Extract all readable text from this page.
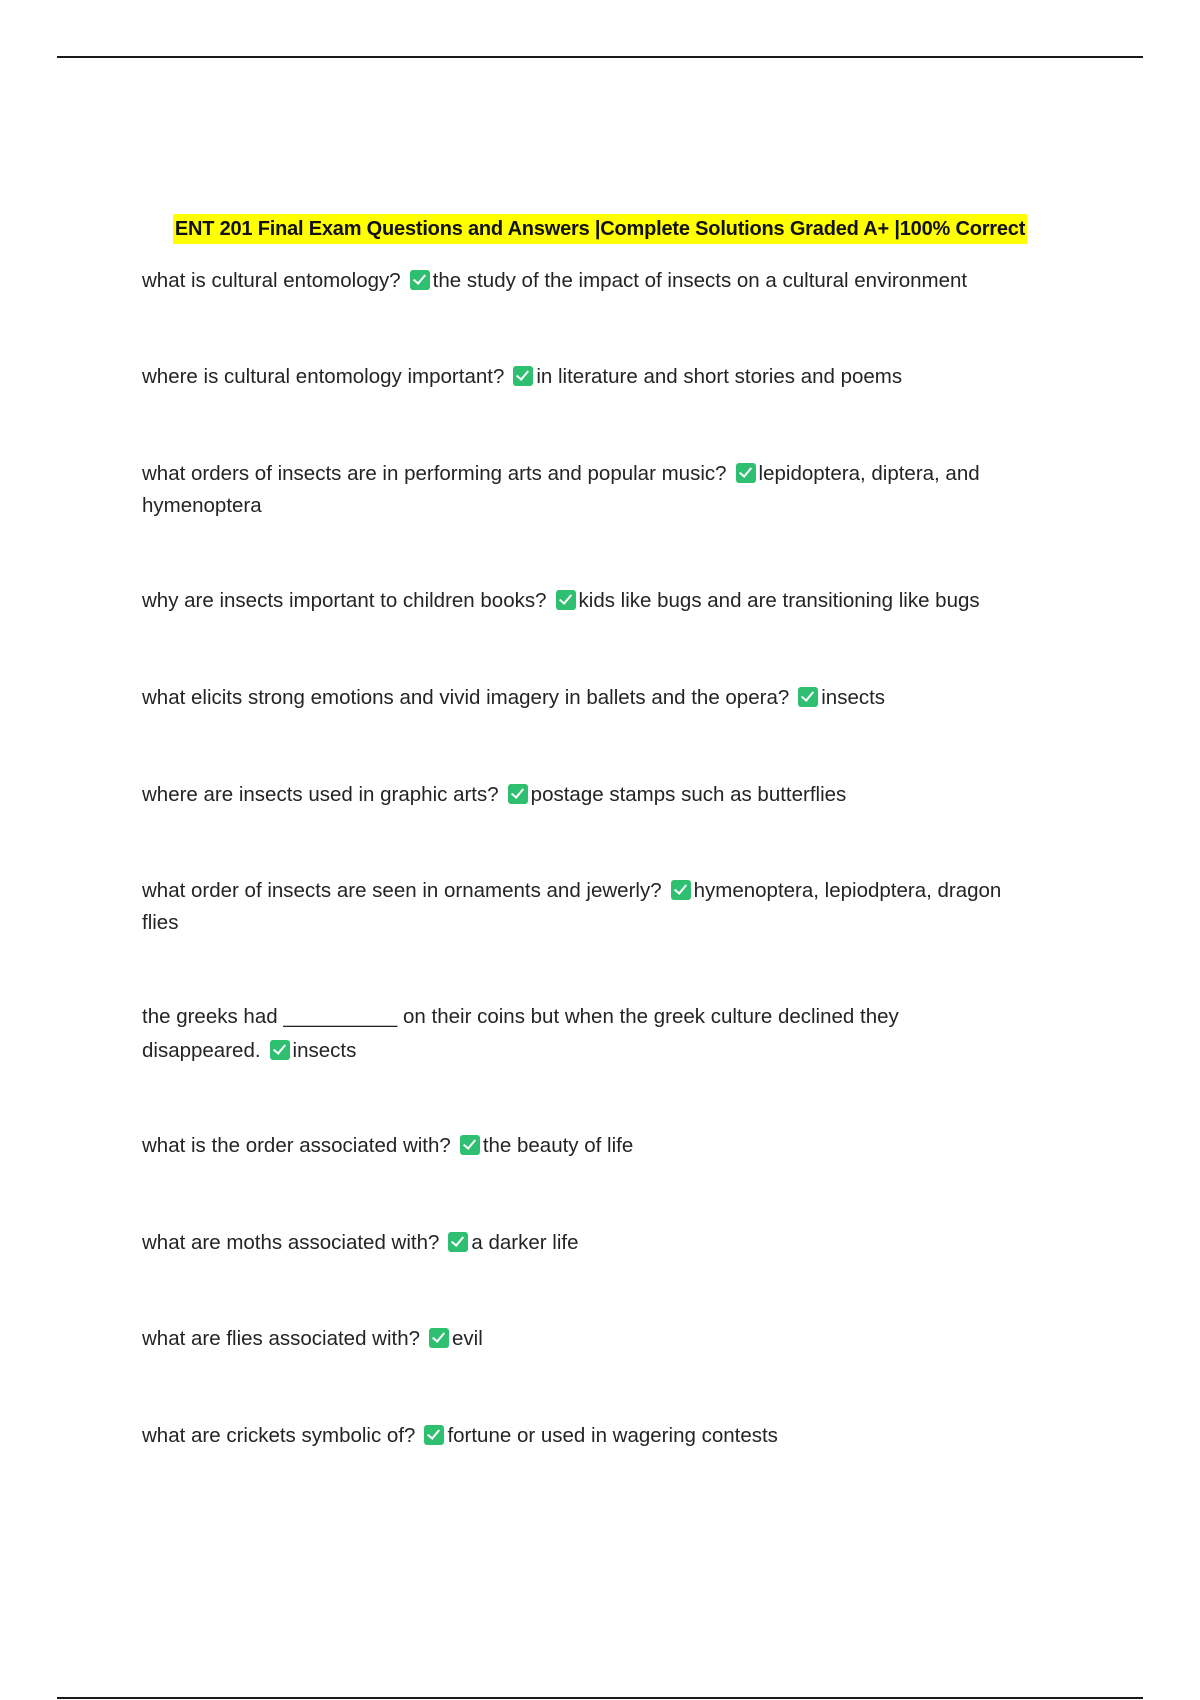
ENT 201 Final Exam Questions and Answers |Complete Solutions Graded A+ |100% Correct
what is cultural entomology? the study of the impact of insects on a cultural environment
where is cultural entomology important? in literature and short stories and poems
what orders of insects are in performing arts and popular music? lepidoptera, diptera, and hymenoptera
why are insects important to children books? kids like bugs and are transitioning like bugs
what elicits strong emotions and vivid imagery in ballets and the opera? insects
where are insects used in graphic arts? postage stamps such as butterflies
what order of insects are seen in ornaments and jewerly? hymenoptera, lepiodptera, dragon flies
the greeks had __________ on their coins but when the greek culture declined they disappeared. insects
what is the order associated with? the beauty of life
what are moths associated with? a darker life
what are flies associated with? evil
what are crickets symbolic of? fortune or used in wagering contests
